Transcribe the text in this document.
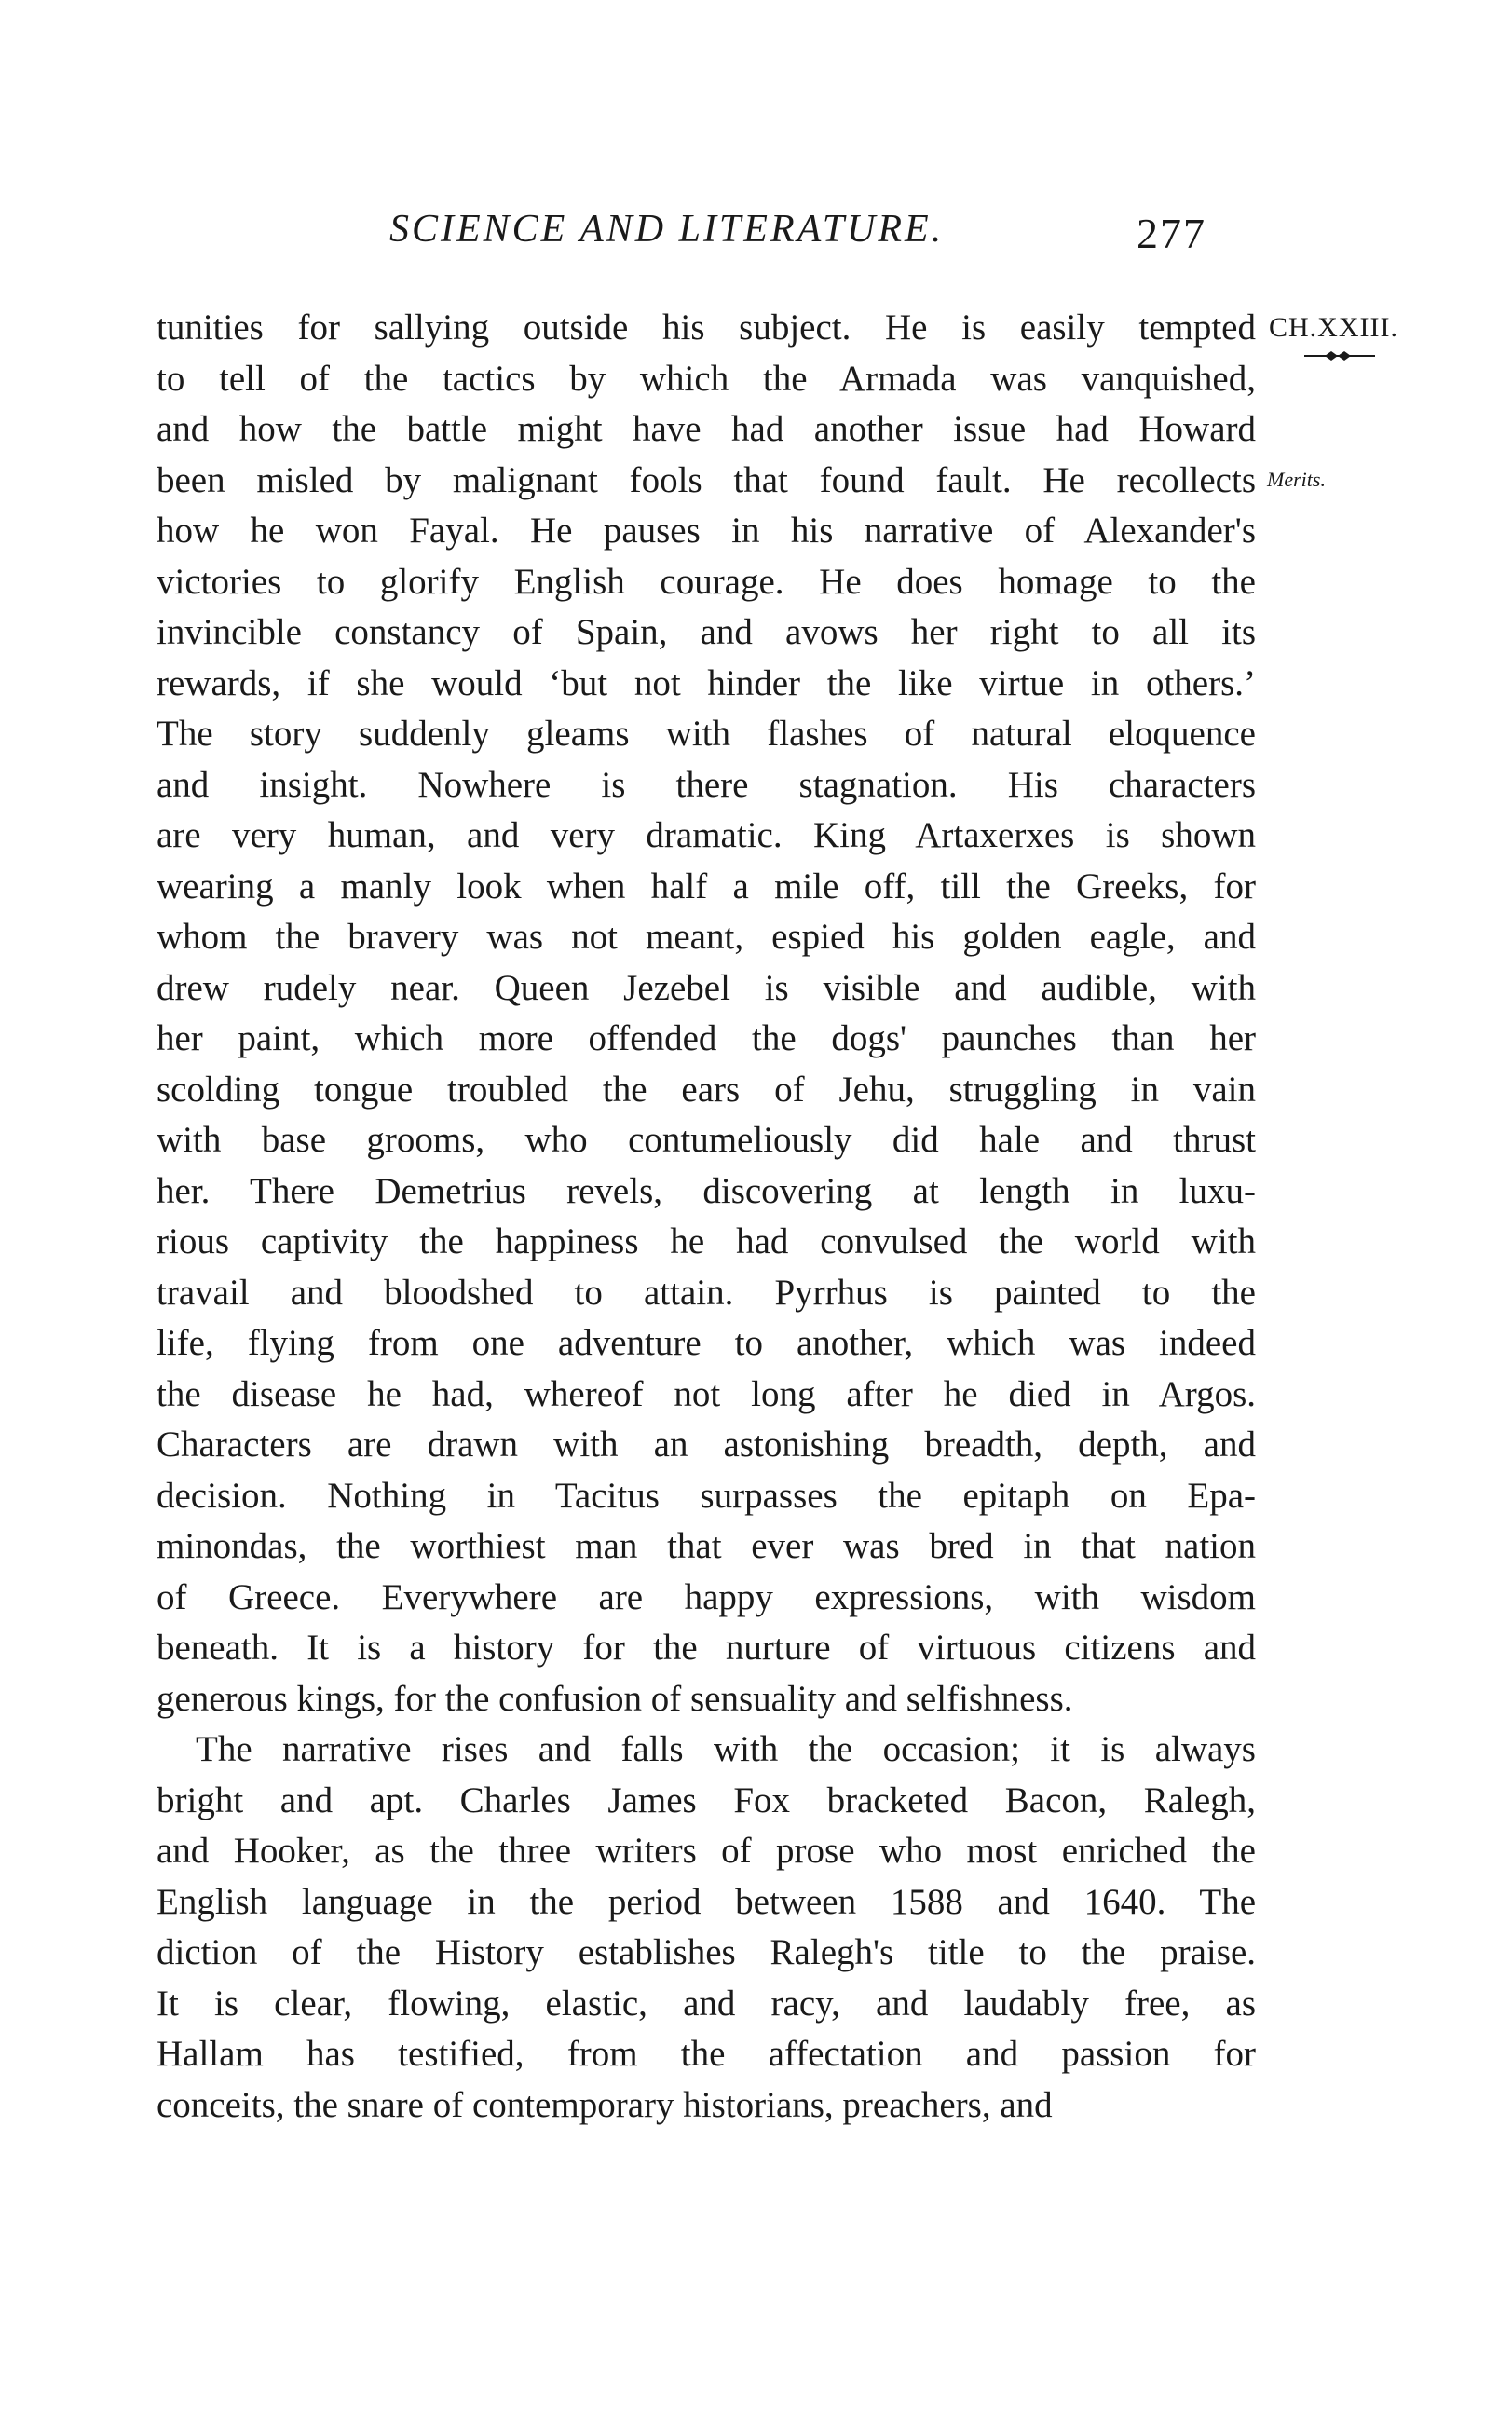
SCIENCE AND LITERATURE.	277
CH.XXIII.
Merits.
tunities for sallying outside his subject. He is easily tempted
to tell of the tactics by which the Armada was vanquished,
and how the battle might have had another issue had Howard
been misled by malignant fools that found fault. He recollects
how he won Fayal. He pauses in his narrative of Alexander's
victories to glorify English courage. He does homage to the
invincible constancy of Spain, and avows her right to all its
rewards, if she would ‘but not hinder the like virtue in others.’
The story suddenly gleams with flashes of natural eloquence
and insight. Nowhere is there stagnation. His characters
are very human, and very dramatic. King Artaxerxes is shown
wearing a manly look when half a mile off, till the Greeks, for
whom the bravery was not meant, espied his golden eagle, and
drew rudely near. Queen Jezebel is visible and audible, with
her paint, which more offended the dogs' paunches than her
scolding tongue troubled the ears of Jehu, struggling in vain
with base grooms, who contumeliously did hale and thrust
her. There Demetrius revels, discovering at length in luxu-
rious captivity the happiness he had convulsed the world with
travail and bloodshed to attain. Pyrrhus is painted to the
life, flying from one adventure to another, which was indeed
the disease he had, whereof not long after he died in Argos.
Characters are drawn with an astonishing breadth, depth, and
decision. Nothing in Tacitus surpasses the epitaph on Epa-
minondas, the worthiest man that ever was bred in that nation
of Greece. Everywhere are happy expressions, with wisdom
beneath. It is a history for the nurture of virtuous citizens and
generous kings, for the confusion of sensuality and selfishness.
The narrative rises and falls with the occasion; it is always
bright and apt. Charles James Fox bracketed Bacon, Ralegh,
and Hooker, as the three writers of prose who most enriched the
English language in the period between 1588 and 1640. The
diction of the History establishes Ralegh's title to the praise.
It is clear, flowing, elastic, and racy, and laudably free, as
Hallam has testified, from the affectation and passion for
conceits, the snare of contemporary historians, preachers, and
